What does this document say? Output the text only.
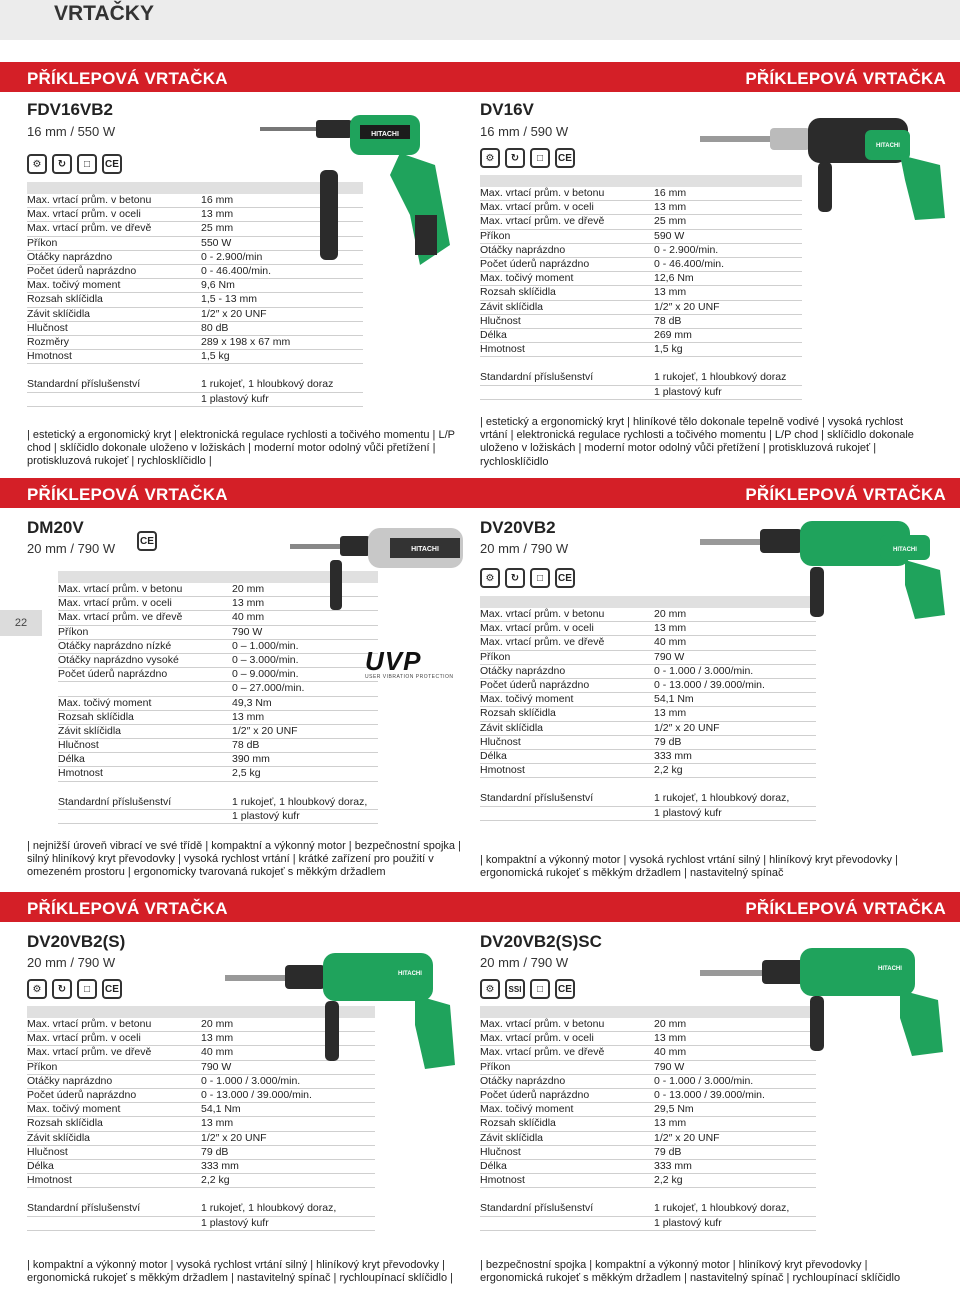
VRTAČKY
PŘÍKLEPOVÁ VRTAČKA	PŘÍKLEPOVÁ VRTAČKA
PŘÍKLEPOVÁ VRTAČKA	PŘÍKLEPOVÁ VRTAČKA
PŘÍKLEPOVÁ VRTAČKA	PŘÍKLEPOVÁ VRTAČKA
22
FDV16VB2
16 mm / 550 W
⚙	↻	□	CE
Max. vrtací prům. v betonu	16 mm
Max. vrtací prům. v oceli	13 mm
Max. vrtací prům. ve dřevě	25 mm
Příkon	550 W
Otáčky naprázdno	0 - 2.900/min
Počet úderů naprázdno	0 - 46.400/min.
Max. točivý moment	9,6 Nm
Rozsah sklíčidla	1,5 - 13 mm
Závit sklíčidla	1/2″ x 20 UNF
Hlučnost	80 dB
Rozměry	289 x 198 x 67 mm
Hmotnost	1,5 kg
Standardní příslušenství	1 rukojeť, 1 hloubkový doraz
1 plastový kufr
| estetický a ergonomický kryt | elektronická regulace rychlosti a točivého momentu | L/P chod | sklíčidlo dokonale uloženo v ložiskách | moderní motor odolný vůči přetížení | protiskluzová rukojeť | rychlosklíčidlo |
DV16V
16 mm / 590 W
⚙	↻	□	CE
Max. vrtací prům. v betonu	16 mm
Max. vrtací prům. v oceli	13 mm
Max. vrtací prům. ve dřevě	25 mm
Příkon	590 W
Otáčky naprázdno	0 - 2.900/min.
Počet úderů naprázdno	0 - 46.400/min.
Max. točivý moment	12,6 Nm
Rozsah sklíčidla	13 mm
Závit sklíčidla	1/2″ x 20 UNF
Hlučnost	78 dB
Délka	269 mm
Hmotnost	1,5 kg
Standardní příslušenství	1 rukojeť, 1 hloubkový doraz
1 plastový kufr
| estetický a ergonomický kryt | hliníkové tělo dokonale tepelně vodivé | vysoká rychlost vrtání | elektronická regulace rychlosti a točivého momentu | L/P chod | sklíčidlo dokonale uloženo v ložiskách | moderní motor odolný vůči přetížení | protiskluzová rukojeť | rychlosklíčidlo
DM20V
20 mm / 790 W	CE
Max. vrtací prům. v betonu	20 mm
Max. vrtací prům. v oceli	13 mm
Max. vrtací prům. ve dřevě	40 mm
Příkon	790 W
Otáčky naprázdno nízké	0 – 1.000/min.
Otáčky naprázdno vysoké	0 – 3.000/min.
Počet úderů naprázdno	0 – 9.000/min.
0 – 27.000/min.
Max. točivý moment	49,3 Nm
Rozsah sklíčidla	13 mm
Závit sklíčidla	1/2″ x 20 UNF
Hlučnost	78 dB
Délka	390 mm
Hmotnost	2,5 kg
Standardní příslušenství	1 rukojeť, 1 hloubkový doraz,
1 plastový kufr
| nejnižší úroveň vibrací ve své třídě | kompaktní a výkonný motor | bezpečnostní spojka | silný hliníkový kryt převodovky | vysoká rychlost vrtání | krátké zařízení pro použití v omezeném prostoru | ergonomicky tvarovaná rukojeť s měkkým držadlem
DV20VB2
20 mm / 790 W
⚙	↻	□	CE
Max. vrtací prům. v betonu	20 mm
Max. vrtací prům. v oceli	13 mm
Max. vrtací prům. ve dřevě	40 mm
Příkon	790 W
Otáčky naprázdno	0 - 1.000 / 3.000/min.
Počet úderů naprázdno	0 - 13.000 / 39.000/min.
Max. točivý moment	54,1 Nm
Rozsah sklíčidla	13 mm
Závit sklíčidla	1/2″ x 20 UNF
Hlučnost	79 dB
Délka	333 mm
Hmotnost	2,2 kg
Standardní příslušenství	1 rukojeť, 1 hloubkový doraz,
1 plastový kufr
| kompaktní a výkonný motor | vysoká rychlost vrtání silný | hliníkový kryt převodovky | ergonomická rukojeť s měkkým držadlem | nastavitelný spínač
DV20VB2(S)
20 mm / 790 W
⚙	↻	□	CE
Max. vrtací prům. v betonu	20 mm
Max. vrtací prům. v oceli	13 mm
Max. vrtací prům. ve dřevě	40 mm
Příkon	790 W
Otáčky naprázdno	0 - 1.000 / 3.000/min.
Počet úderů naprázdno	0 - 13.000 / 39.000/min.
Max. točivý moment	54,1 Nm
Rozsah sklíčidla	13 mm
Závit sklíčidla	1/2″ x 20 UNF
Hlučnost	79 dB
Délka	333 mm
Hmotnost	2,2 kg
Standardní příslušenství	1 rukojeť, 1 hloubkový doraz,
1 plastový kufr
| kompaktní a výkonný motor | vysoká rychlost vrtání silný | hliníkový kryt převodovky | ergonomická rukojeť s měkkým držadlem | nastavitelný spínač | rychloupínací sklíčidlo |
DV20VB2(S)SC
20 mm / 790 W
⚙	SSI	□	CE
Max. vrtací prům. v betonu	20 mm
Max. vrtací prům. v oceli	13 mm
Max. vrtací prům. ve dřevě	40 mm
Příkon	790 W
Otáčky naprázdno	0 - 1.000 / 3.000/min.
Počet úderů naprázdno	0 - 13.000 / 39.000/min.
Max. točivý moment	29,5 Nm
Rozsah sklíčidla	13 mm
Závit sklíčidla	1/2″ x 20 UNF
Hlučnost	79 dB
Délka	333 mm
Hmotnost	2,2 kg
Standardní příslušenství	1 rukojeť, 1 hloubkový doraz,
1 plastový kufr
| bezpečnostní spojka | kompaktní a výkonný motor | hliníkový kryt převodovky | ergonomická rukojeť s měkkým držadlem | nastavitelný spínač | rychloupínací sklíčidlo
HITACHI
HITACHI
HITACHI
UVP
USER VIBRATION PROTECTION
HITACHI
HITACHI
HITACHI
